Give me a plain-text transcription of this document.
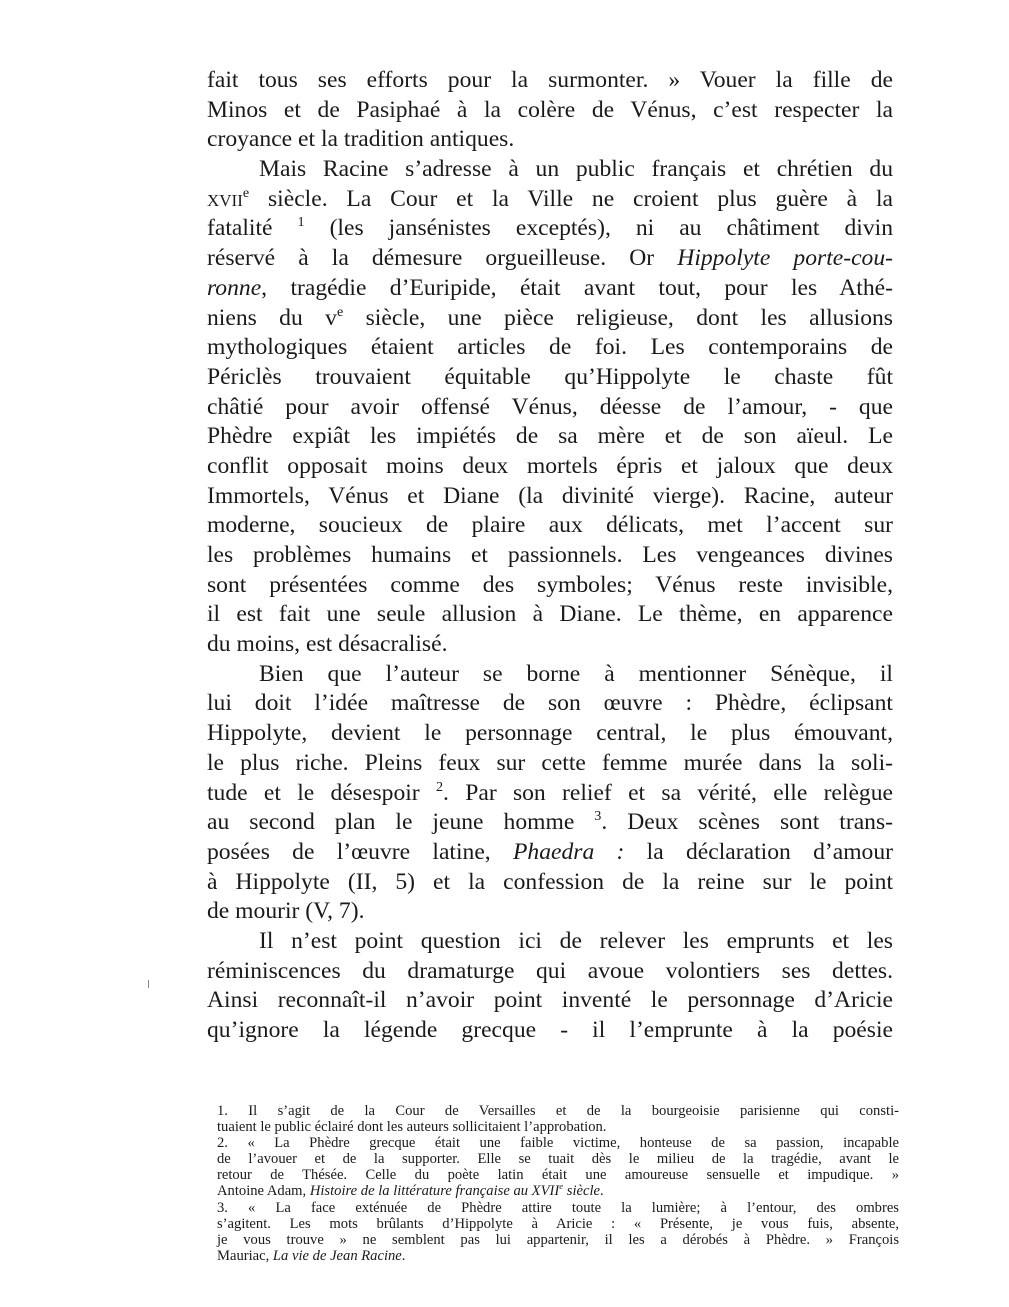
fait tous ses efforts pour la surmonter. » Vouer la fille de
Minos et de Pasiphaé à la colère de Vénus, c’est respecter la
croyance et la tradition antiques.
Mais Racine s’adresse à un public français et chrétien du
xvii$^e$ siècle. La Cour et la Ville ne croient plus guère à la
fatalité $^1$ (les jansénistes exceptés), ni au châtiment divin
réservé à la démesure orgueilleuse. Or Hippolyte porte-cou-
ronne, tragédie d’Euripide, était avant tout, pour les Athé-
niens du $v^e$ siècle, une pièce religieuse, dont les allusions
mythologiques étaient articles de foi. Les contemporains de
Périclès trouvaient équitable qu’Hippolyte le chaste fût
châtié pour avoir offensé Vénus, déesse de l’amour, - que
Phèdre expiât les impiétés de sa mère et de son aïeul. Le
conflit opposait moins deux mortels épris et jaloux que deux
Immortels, Vénus et Diane (la divinité vierge). Racine, auteur
moderne, soucieux de plaire aux délicats, met l’accent sur
les problèmes humains et passionnels. Les vengeances divines
sont présentées comme des symboles; Vénus reste invisible,
il est fait une seule allusion à Diane. Le thème, en apparence
du moins, est désacralisé.
Bien que l’auteur se borne à mentionner Sénèque, il
lui doit l’idée maîtresse de son œuvre : Phèdre, éclipsant
Hippolyte, devient le personnage central, le plus émouvant,
le plus riche. Pleins feux sur cette femme murée dans la soli-
tude et le désespoir $^2$. Par son relief et sa vérité, elle relègue
au second plan le jeune homme $^3$. Deux scènes sont trans-
posées de l’œuvre latine, Phaedra : la déclaration d’amour
à Hippolyte (II, 5) et la confession de la reine sur le point
de mourir (V, 7).
Il n’est point question ici de relever les emprunts et les
réminiscences du dramaturge qui avoue volontiers ses dettes.
Ainsi reconnaît-il n’avoir point inventé le personnage d’Aricie
qu’ignore la légende grecque - il l’emprunte à la poésie
1. Il s’agit de la Cour de Versailles et de la bourgeoisie parisienne qui consti-
tuaient le public éclairé dont les auteurs sollicitaient l’approbation.
2. « La Phèdre grecque était une faible victime, honteuse de sa passion, incapable
de l’avouer et de la supporter. Elle se tuait dès le milieu de la tragédie, avant le
retour de Thésée. Celle du poète latin était une amoureuse sensuelle et impudique. »
Antoine Adam, Histoire de la littérature française au XVIIe siècle.
3. « La face exténuée de Phèdre attire toute la lumière; à l’entour, des ombres
s’agitent. Les mots brûlants d’Hippolyte à Aricie : « Présente, je vous fuis, absente,
je vous trouve » ne semblent pas lui appartenir, il les a dérobés à Phèdre. » François
Mauriac, La vie de Jean Racine.
